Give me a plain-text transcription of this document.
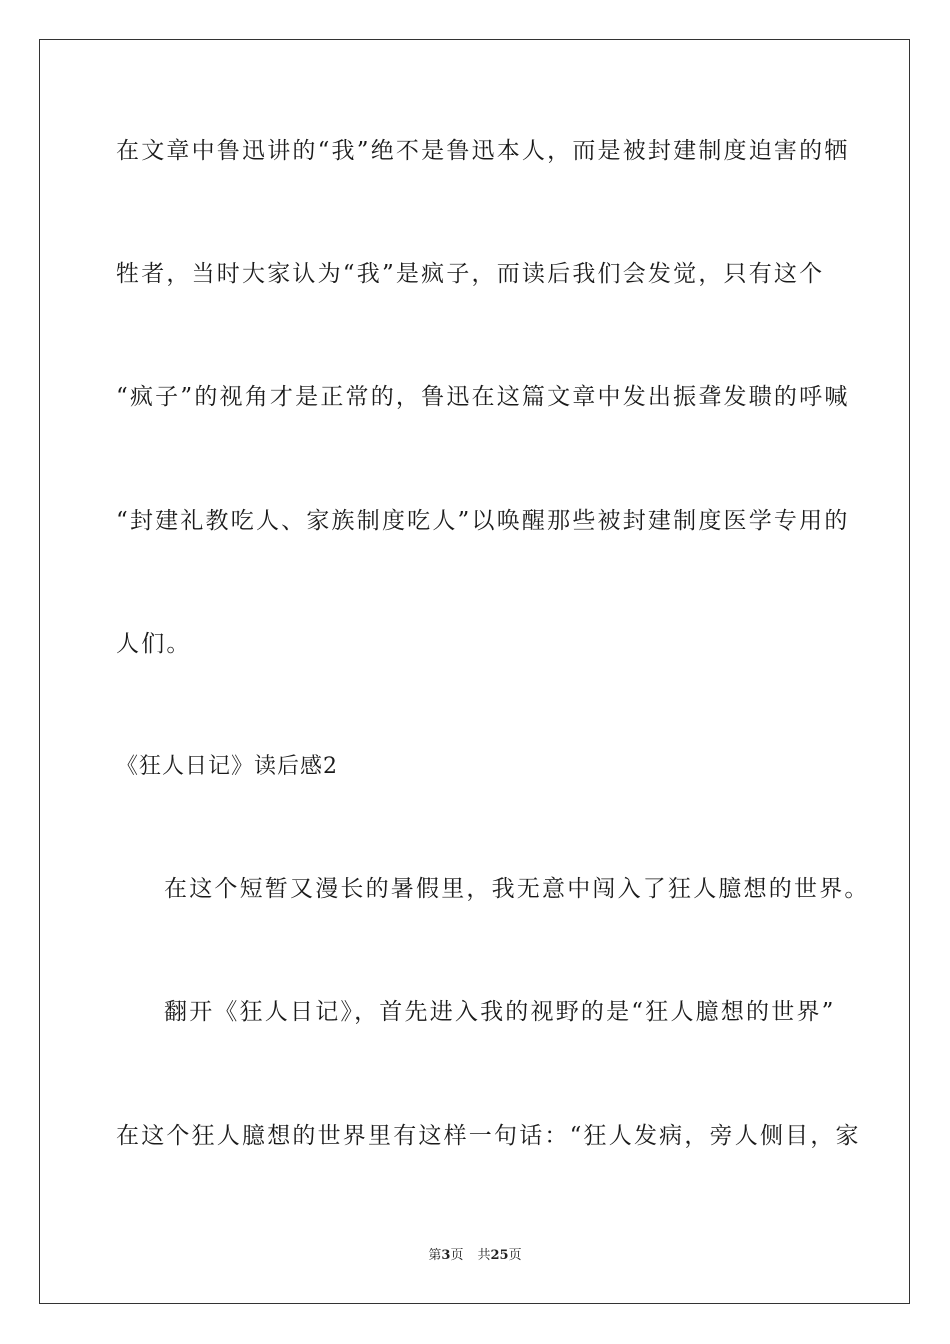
在文章中鲁迅讲的“我”绝不是鲁迅本人，而是被封建制度迫害的牺
牲者，当时大家认为“我”是疯子，而读后我们会发觉，只有这个
“疯子”的视角才是正常的，鲁迅在这篇文章中发出振聋发聩的呼喊
“封建礼教吃人、家族制度吃人”以唤醒那些被封建制度医学专用的
人们。
《狂人日记》读后感2
在这个短暂又漫长的暑假里，我无意中闯入了狂人臆想的世界。
翻开《狂人日记》，首先进入我的视野的是“狂人臆想的世界”
在这个狂人臆想的世界里有这样一句话：“狂人发病，旁人侧目，家
第3页 共25页
